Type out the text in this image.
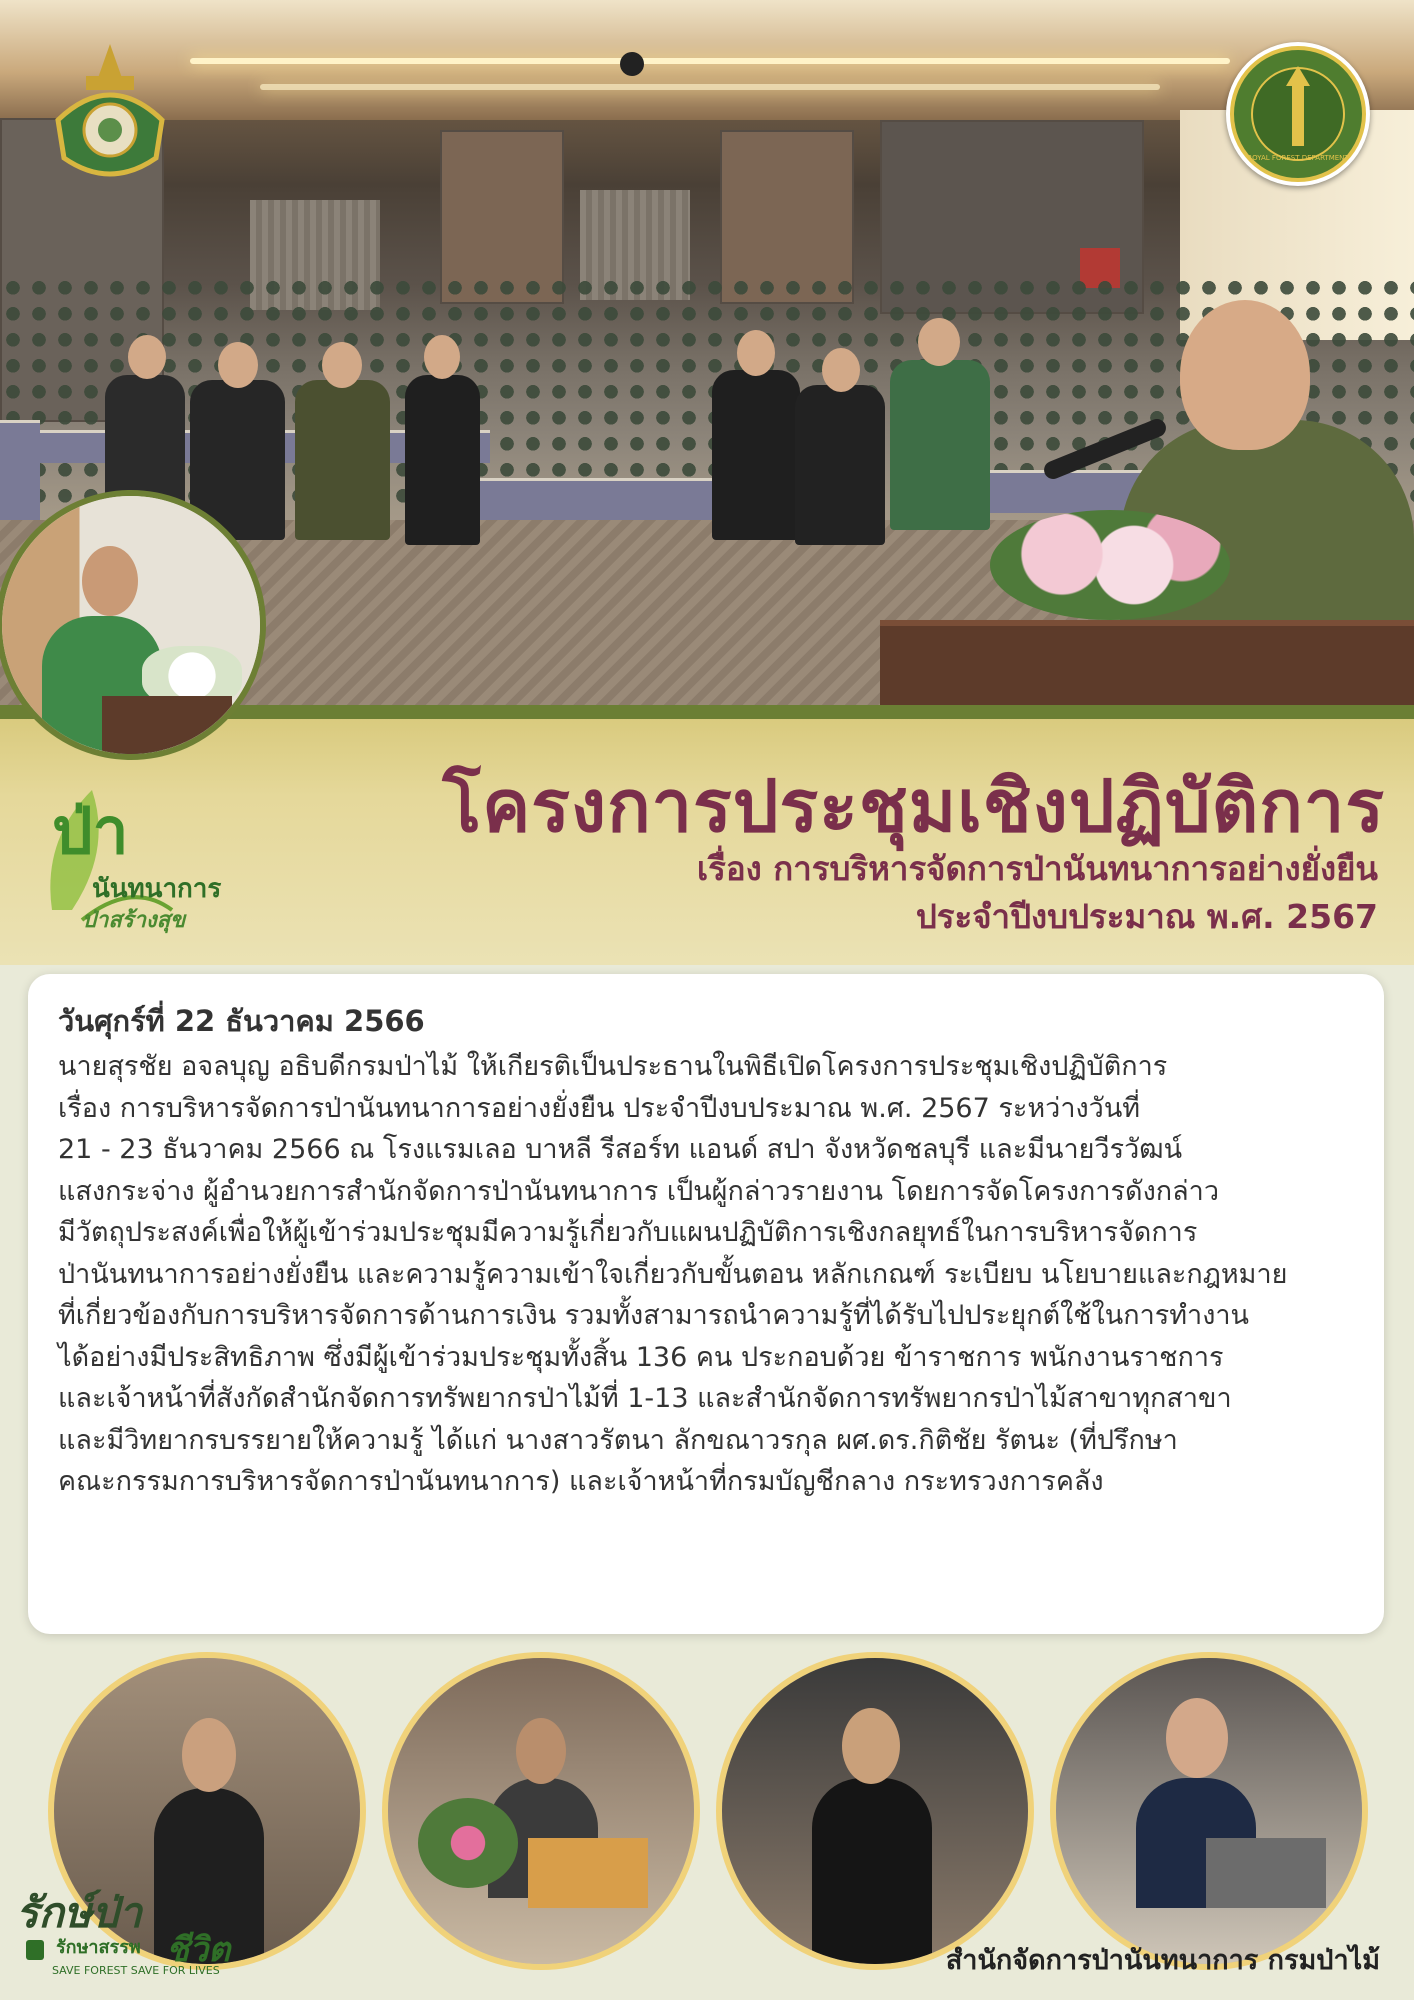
ROYAL FOREST DEPARTMENT
ป่า
นันทนาการ
ป่าสร้างสุข
โครงการประชุมเชิงปฏิบัติการ
เรื่อง การบริหารจัดการป่านันทนาการอย่างยั่งยืน
ประจำปีงบประมาณ พ.ศ. 2567
วันศุกร์ที่ 22 ธันวาคม 2566
นายสุรชัย อจลบุญ อธิบดีกรมป่าไม้ ให้เกียรติเป็นประธานในพิธีเปิดโครงการประชุมเชิงปฏิบัติการ
เรื่อง การบริหารจัดการป่านันทนาการอย่างยั่งยืน ประจำปีงบประมาณ พ.ศ. 2567 ระหว่างวันที่
21 - 23 ธันวาคม 2566 ณ โรงแรมเลอ บาหลี รีสอร์ท แอนด์ สปา จังหวัดชลบุรี และมีนายวีรวัฒน์
แสงกระจ่าง ผู้อำนวยการสำนักจัดการป่านันทนาการ เป็นผู้กล่าวรายงาน โดยการจัดโครงการดังกล่าว
มีวัตถุประสงค์เพื่อให้ผู้เข้าร่วมประชุมมีความรู้เกี่ยวกับแผนปฏิบัติการเชิงกลยุทธ์ในการบริหารจัดการ
ป่านันทนาการอย่างยั่งยืน และความรู้ความเข้าใจเกี่ยวกับขั้นตอน หลักเกณฑ์ ระเบียบ นโยบายและกฎหมาย
ที่เกี่ยวข้องกับการบริหารจัดการด้านการเงิน รวมทั้งสามารถนำความรู้ที่ได้รับไปประยุกต์ใช้ในการทำงาน
ได้อย่างมีประสิทธิภาพ ซึ่งมีผู้เข้าร่วมประชุมทั้งสิ้น 136 คน ประกอบด้วย ข้าราชการ พนักงานราชการ
และเจ้าหน้าที่สังกัดสำนักจัดการทรัพยากรป่าไม้ที่ 1-13 และสำนักจัดการทรัพยากรป่าไม้สาขาทุกสาขา
และมีวิทยากรบรรยายให้ความรู้ ได้แก่ นางสาวรัตนา ลักขณาวรกุล ผศ.ดร.กิติชัย รัตนะ (ที่ปรึกษา
คณะกรรมการบริหารจัดการป่านันทนาการ) และเจ้าหน้าที่กรมบัญชีกลาง กระทรวงการคลัง
รักษ์ป่า
รักษาสรรพ ชีวิต
SAVE FOREST SAVE FOR LIVES	สำนักจัดการป่านันทนาการ กรมป่าไม้
